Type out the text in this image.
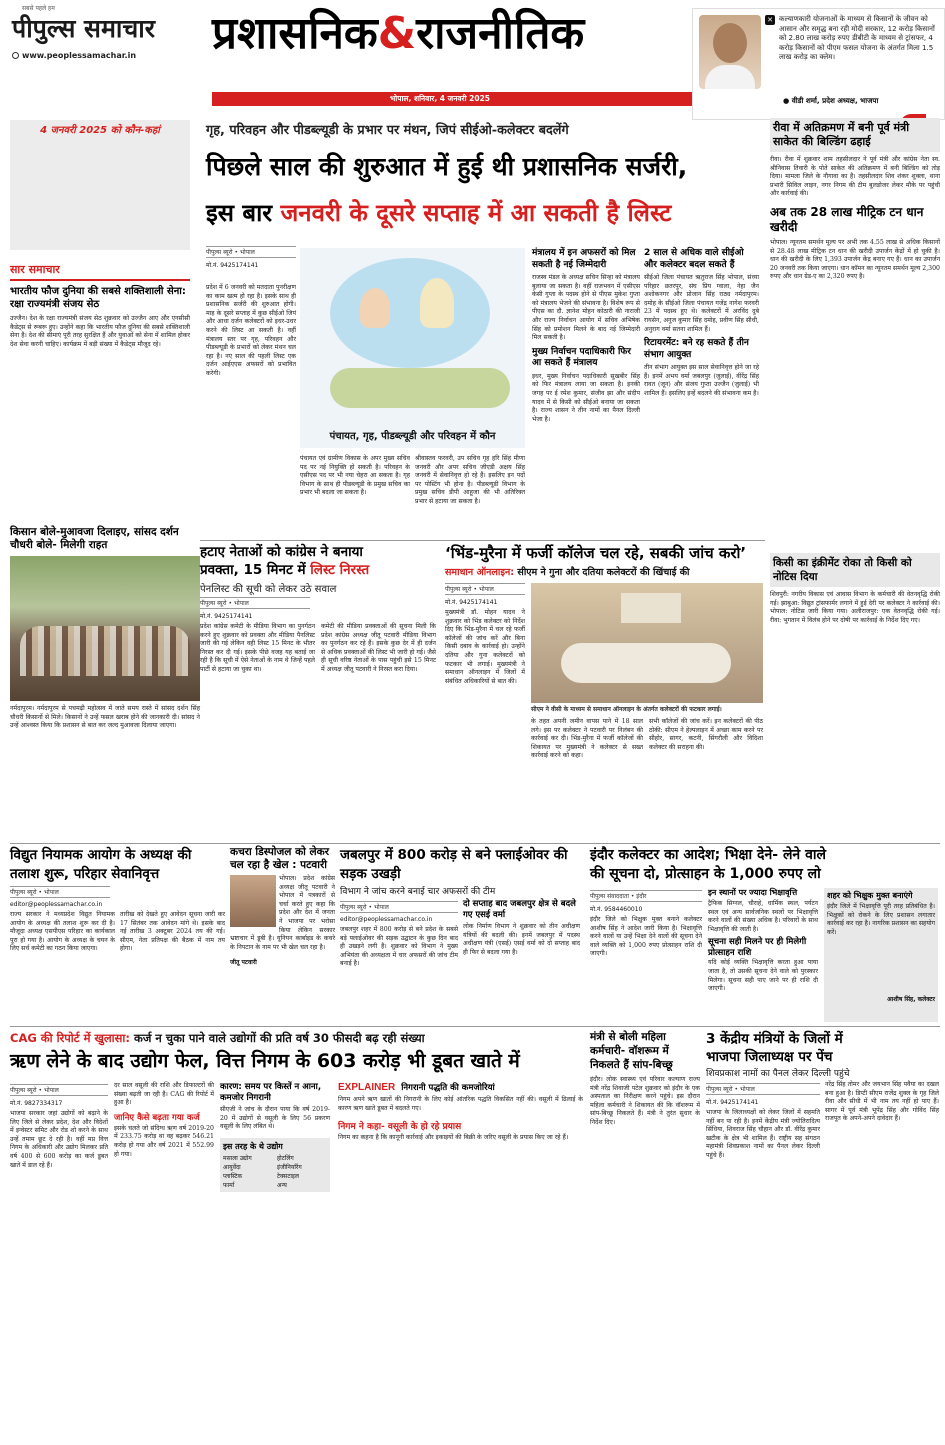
सबसे पहले हम
पीपुल्स समाचार
www.peoplessamachar.in प्रशासनिक&राजनीतिक	✕ कल्याणकारी योजनाओं के माध्यम से किसानों के जीवन को आसान और समृद्ध बना रही मोदी सरकार, 12 करोड़ किसानों को 2.80 लाख करोड़ रुपए डीबीटी के माध्यम से ट्रांसफर, 4 करोड़ किसानों को पीएम फसल योजना के अंतर्गत मिला 1.5 लाख करोड़ का क्लेम।
● वीडी शर्मा, प्रदेश अध्यक्ष, भाजपा
भोपाल, शनिवार, 4 जनवरी 2025
4 जनवरी 2025 को कौन-कहां
सार समाचार
भारतीय फौज दुनिया की सबसे शक्तिशाली सेना: रक्षा राज्यमंत्री संजय सेठ
उज्जैन। देश के रक्षा राज्यमंत्री संजय सेठ शुक्रवार को उज्जैन आए और एनसीसी कैडेट्स से रूबरू हुए। उन्होंने कहा कि भारतीय फौज दुनिया की सबसे शक्तिशाली सेना है। देश की सीमाएं पूरी तरह सुरक्षित हैं और युवाओं को सेना में शामिल होकर देश सेवा करनी चाहिए। कार्यक्रम में बड़ी संख्या में कैडेट्स मौजूद रहे।
किसान बोले-मुआवजा दिलाइए, सांसद दर्शन चौधरी बोले- मिलेगी राहत
नर्मदापुरम। नर्मदापुरम से पचमढ़ी महोत्सव में जाते समय रास्ते में सांसद दर्शन सिंह चौधरी किसानों से मिले। किसानों ने उन्हें फसल खराब होने की जानकारी दी। सांसद ने उन्हें आश्वस्त किया कि प्रशासन से बात कर जल्द मुआवजा दिलाया जाएगा।
गृह, परिवहन और पीडब्ल्यूडी के प्रभार पर मंथन, जिपं सीईओ-कलेक्टर बदलेंगे
पिछले साल की शुरुआत में हुई थी प्रशासनिक सर्जरी,
इस बार जनवरी के दूसरे सप्ताह में आ सकती है लिस्ट
पीपुल्स ब्यूरो • भोपाल
मो.नं. 9425174141
पंचायत, गृह, पीडब्ल्यूडी और परिवहन में कौन
प्रदेश में 6 जनवरी को मतदाता पुनरीक्षण का काम खत्म हो रहा है। इसके साथ ही प्रशासनिक सर्जरी की शुरुआत होगी। माह के दूसरे सप्ताह में कुछ सीईओ जिपं और आधा दर्जन कलेक्टरों को इधर-उधर करने की लिस्ट आ सकती है। वहीं मंत्रालय स्तर पर गृह, परिवहन और पीडब्ल्यूडी के प्रभारों को लेकर मंथन चल रहा है। नए साल की पहली लिस्ट एक दर्जन आईएएस अफसरों को प्रभावित करेगी।
पंचायत एवं ग्रामीण विकास के अपर मुख्य सचिव पद पर नई नियुक्ति हो सकती है। परिवहन के एसीएस पद पर भी नया चेहरा आ सकता है। गृह विभाग के साथ ही पीडब्ल्यूडी के प्रमुख सचिव का प्रभार भी बदला जा सकता है।
श्रीवास्तव फरवरी, उप सचिव गृह हरि सिंह मीणा जनवरी और अपर सचिव जीएडी अक्षय सिंह जनवरी में सेवानिवृत्त हो रहे हैं। इसलिए इन पदों पर पोस्टिंग भी होना है। पीडब्ल्यूडी विभाग के प्रमुख सचिव डीपी आहूजा की भी अतिरिक्त प्रभार से हटाया जा सकता है।
मंत्रालय में इन अफसरों को मिल सकती है नई जिम्मेदारी
राजस्व मंडल के अध्यक्ष सचिन सिन्हा को मंत्रालय बुलाया जा सकता है। वहीं राजभवन में एसीएस केसी गुप्ता के पदस्थ होने से पीएस मुकेश गुप्ता को मंत्रालय भेजने की संभावना है। विशेष रूप से पीएस का दौ. ज्ञानेश मोहन कोठारी की नाराजी और राज्य निर्वाचन आयोग में सचिव अभिषेक सिंह को प्रमोशन मिलने के बाद नई जिम्मेदारी मिल सकती है।
मुख्य निर्वाचन पदाधिकारी फिर आ सकते हैं मंत्रालय
इधर, मुख्य निर्वाचन पदाधिकारी सुखबीर सिंह को फिर मंत्रालय लाया जा सकता है। इनकी जगह पर ई रमेश कुमार, संजीव झा और संदीप यादव में से किसी को सीईओ बनाया जा सकता है। राज्य शासन ने तीन नामों का पैनल दिल्ली भेजा है।
2 साल से अधिक वाले सीईओ और कलेक्टर बदल सकते हैं
सीईओ जिला पंचायत ऋतुराज सिंह भोपाल, संध्या परिहार छतरपुर, संघ प्रिय ग्वाला, नेहा जैन अशोकनगर और प्रोजान सिंह राठ्य नर्मदापुरम। दमोह के सीईओ जिला पंचायत गजेंद्र नागेश फरवरी 23 में पदस्थ हुए थे। कलेक्टरों में अरविंद दुबे रायसेन, अनुज कुमार सिंह दमोह, प्रवीण सिंह सीधी, अनुराग वर्मा सतना शामिल हैं।
रिटायरमेंट: बने रह सकते हैं तीन संभाग आयुक्त
तीन संभाग आयुक्त इस साल सेवानिवृत्त होने जा रहे हैं। इनमें अभय वर्मा जबलपुर (जुलाई), वीरेंद्र सिंह रावत (जून) और संजय गुप्ता उज्जैन (जुलाई) भी शामिल हैं। इसलिए इन्हें बदलने की संभावना कम है।
रीवा में अतिक्रमण में बनी पूर्व मंत्री साकेत की बिल्डिंग ढहाई
रीवा। रीवा में शुक्रवार शाम तहसीलदार ने पूर्व मंत्री और कांग्रेस नेता स्व. श्रीनिवास तिवारी के पोते साकेत की अतिक्रमण में बनी बिल्डिंग को तोड़ दिया। मामला जिले के नौगावा का है। तहसीलदार शिव शंकर शुक्ला, थाना प्रभारी सिविल लाइन, नगर निगम की टीम बुलडोजर लेकर मौके पर पहुंची और कार्रवाई की।
अब तक 28 लाख मीट्रिक टन धान खरीदी
भोपाल। न्यूनतम समर्थन मूल्य पर अभी तक 4.55 लाख से अधिक किसानों से 28.48 लाख मीट्रिक टन धान की खरीदी उपार्जन केंद्रों में हो चुकी है। धान की खरीदी के लिए 1,393 उपार्जन केंद्र बनाए गए हैं। धान का उपार्जन 20 जनवरी तक किया जाएगा। धान कॉमन का न्यूनतम समर्थन मूल्य 2,300 रुपए और धान ग्रेड-ए का 2,320 रुपए है।
हटाए नेताओं को कांग्रेस ने बनाया
प्रवक्ता, 15 मिनट में लिस्ट निरस्त
पेनलिस्ट की सूची को लेकर उठे सवाल
पीपुल्स ब्यूरो • भोपाल
मो.नं. 9425174141
प्रदेश कांग्रेस कमेटी के मीडिया विभाग का पुनर्गठन करने हुए शुक्रवार को प्रवक्ता और मीडिया पैनलिस्ट जारी की गई लेकिन वही लिस्ट 15 मिनट के भीतर निरस्त कर दी गई। इसके पीछे वजह यह बताई जा रही है कि सूची में ऐसे नेताओं के नाम थे जिन्हें पहले पार्टी से हटाया जा चुका था।
कमेटी की मीडिया प्रवक्ताओं की सूचना मिली कि प्रदेश कांग्रेस अध्यक्ष जीतू पटवारी मीडिया विभाग का पुनर्गठन कर रहे हैं। इसके कुछ देर में ही दर्जन से अधिक प्रवक्ताओं की लिस्ट भी जारी हो गई। जैसे ही सूची वरिष्ठ नेताओं के पास पहुंची इसे 15 मिनट में अध्यक्ष जीतू पटवारी ने निरस्त करा दिया।
‘भिंड-मुरैना में फर्जी कॉलेज चल रहे, सबकी जांच करो’
समाधान ऑनलाइन: सीएम ने गुना और दतिया कलेक्टरों की खिंचाई की
पीपुल्स ब्यूरो • भोपाल
मो.नं. 9425174141
मुख्यमंत्री डॉ. मोहन यादव ने शुक्रवार को भिंड कलेक्टर को निर्देश दिए कि भिंड-मुरैना में चल रहे फर्जी कॉलेजों की जांच करें और बिना किसी दबाव के कार्रवाई हो। उन्होंने दतिया और गुना कलेक्टरों को फटकार भी लगाई। मुख्यमंत्री ने समाधान ऑनलाइन में जिलों में संबंधित अधिकारियों से बात की।
सीएम ने वीसी के माध्यम से समाधान ऑनलाइन के अंतर्गत कलेक्टरों की फटकार लगाई।
के तहत अपनी जमीन वापस पाने में 18 साल लगे। इस पर कलेक्टर ने पटवारी पर निलंबन की कार्रवाई कर दी। भिंड-मुरैना में फर्जी कॉलेजों की शिकायत पर मुख्यमंत्री ने कलेक्टर से सख्त कार्रवाई करने को कहा।
सभी कॉलेजों की जांच करें। इन कलेक्टरों की पीठ ठोकी: सीएम ने हेल्पलाइन में अच्छा काम करने पर सीहोर, सागर, कटनी, सिंगरौली और विदिशा कलेक्टर की सराहना की।
किसी का इंक्रीमेंट रोका तो किसी को नोटिस दिया
शिवपुरी: नगरीय विकास एवं आवास विभाग के कर्मचारी की वेतनवृद्धि रोकी गई। झाबुआ: विद्युत ट्रांसफार्मर लगाने में हुई देरी पर कलेक्टर ने कार्रवाई की। भोपाल: नोटिस जारी किया गया। अलीराजपुर: एक वेतनवृद्धि रोकी गई। रीवा: भुगतान में विलंब होने पर दोषी पर कार्रवाई के निर्देश दिए गए।
विद्युत नियामक आयोग के अध्यक्ष की तलाश शुरू, परिहार सेवानिवृत्त
पीपुल्स ब्यूरो • भोपाल
editor@peoplessamachar.co.in
राज्य सरकार ने मध्यप्रदेश विद्युत नियामक आयोग के अध्यक्ष की तलाश शुरू कर दी है। मौजूदा अध्यक्ष एसपीएस परिहार का कार्यकाल पूरा हो गया है। आयोग के अध्यक्ष के चयन के लिए सर्च कमेटी का गठन किया जाएगा।
तारीख को देखते हुए आवेदन सूचना जारी कर 17 सितंबर तक आवेदन मांगे थे। इसके बाद नई तारीख 3 अक्टूबर 2024 तय की गई। सीएम, नेता प्रतिपक्ष की बैठक में नाम तय होगा।
कचरा डिस्पोजल को लेकर चल रहा है खेल : पटवारी
भोपाल। प्रदेश कांग्रेस अध्यक्ष जीतू पटवारी ने भोपाल में पत्रकारों से चर्चा करते हुए कहा कि प्रदेश और देश में जनता ने भाजपा पर भरोसा किया लेकिन सरकार भ्रष्टाचार में डूबी है। यूनियन कार्बाइड के कचरे के निपटान के नाम पर भी खेल चल रहा है।
जीतू पटवारी
जबलपुर में 800 करोड़ से बने फ्लाईओवर की सड़क उखड़ी
विभाग ने जांच करने बनाई चार अफसरों की टीम
पीपुल्स ब्यूरो • भोपाल
editor@peoplessamachar.co.in
जबलपुर शहर में 800 करोड़ से बने प्रदेश के सबसे बड़े फ्लाईओवर की सड़क उद्घाटन के कुछ दिन बाद ही उखड़ने लगी है। शुक्रवार को विभाग ने मुख्य अभियंता की अध्यक्षता में चार अफसरों की जांच टीम बनाई है।
दो सप्ताह बाद जबलपुर क्षेत्र से बदले गए एसई वर्मा
लोक निर्माण विभाग ने शुक्रवार को तीन अधीक्षण यंत्रियों की बदली की। इनमें जबलपुर में पदस्थ अधीक्षण यंत्री (एसई) एसई वर्मा को दो सप्ताह बाद ही फिर से बदला गया है।
इंदौर कलेक्टर का आदेश; भिक्षा देने- लेने वाले
की सूचना दो, प्रोत्साहन के 1,000 रुपए लो
पीपुल्स संवाददाता • इंदौर
मो.नं. 9584460010
इंदौर जिले को भिक्षुक मुक्त बनाने कलेक्टर आशीष सिंह ने आदेश जारी किया है। भिक्षावृत्ति करने वालों या उन्हें भिक्षा देने वालों की सूचना देने वाले व्यक्ति को 1,000 रुपए प्रोत्साहन राशि दी जाएगी।
इन स्थानों पर ज्यादा भिक्षावृत्ति
ट्रैफिक सिग्नल, चौराहे, धार्मिक स्थल, पर्यटन स्थल एवं अन्य सार्वजनिक स्थलों पर भिक्षावृत्ति करने वालों की संख्या अधिक है। परिवारों के साथ भिक्षावृत्ति की जाती है।
सूचना सही मिलने पर ही मिलेगी प्रोत्साहन राशि
यदि कोई व्यक्ति भिक्षावृत्ति करता हुआ पाया जाता है, तो उसकी सूचना देने वाले को पुरस्कार मिलेगा। सूचना सही पाए जाने पर ही राशि दी जाएगी।
शहर को भिक्षुक मुक्त बनाएंगे
इंदौर जिले में भिक्षावृत्ति पूरी तरह प्रतिबंधित है। भिक्षुकों को रोकने के लिए प्रशासन लगातार कार्रवाई कर रहा है। नागरिक प्रशासन का सहयोग करें।
आशीष सिंह, कलेक्टर
CAG की रिपोर्ट में खुलासा: कर्ज न चुका पाने वाले उद्योगों की प्रति वर्ष 30 फीसदी बढ़ रही संख्या
ऋण लेने के बाद उद्योग फेल, वित्त निगम के 603 करोड़ भी डूबत खाते में
पीपुल्स ब्यूरो • भोपाल
मो.नं. 9827334317
भाजपा सरकार जहां उद्योगों को बढ़ाने के लिए जिले से लेकर प्रदेश, देश और विदेशों में इन्वेस्टर समिट और रोड शो करने के साथ उन्हें तमाम छूट दे रही है। वहीं मप्र वित्त निगम के अधिकारी और उद्योग मिलकर प्रति वर्ष 400 से 600 करोड़ का कर्ज डूबत खाते में डाल रहे हैं।
दर साल वसूली की राशि और डिफाल्टरों की संख्या बढ़ती जा रही है। CAG की रिपोर्ट में हुआ है।
जानिए कैसे बढ़ता गया कर्ज
इसके चलते जो संदिग्ध ऋण वर्ष 2019-20 में 233.75 करोड़ था वह बढ़कर 546.21 करोड़ हो गया और वर्ष 2021 में 552.99 हो गया।
कारण: समय पर किस्तें न आना, कमजोर निगरानी
सीएजी ने जांच के दौरान पाया कि वर्ष 2019-20 में उद्योगों से वसूली के लिए 56 प्रकरण वसूली के लिए लंबित थे।
इस तरह के थे उद्योग
मसाला उद्योग	होटलिंग
आयुर्वेदा	इंजीनियरिंग
प्लास्टिक	टेक्सटाइल
फार्मा	अन्य
EXPLAINER निगरानी पद्धति की कमजोरियां
निगम अपने ऋण खातों की निगरानी के लिए कोई आंतरिक पद्धति विकसित नहीं की। वसूली में ढिलाई के कारण ऋण खाते डूबत में बदलते गए।
निगम ने कहा- वसूली के हो रहे प्रयास
निगम का कहना है कि कानूनी कार्रवाई और इकाइयों की बिक्री के जरिए वसूली के प्रयास किए जा रहे हैं।
मंत्री से बोली महिला कर्मचारी- वॉशरूम में निकलते हैं सांप-बिच्छू
इंदौर। लोक स्वास्थ्य एवं परिवार कल्याण राज्य मंत्री नरेंद्र शिवाजी पटेल शुक्रवार को इंदौर के एक अस्पताल का निरीक्षण करने पहुंचे। इस दौरान महिला कर्मचारी ने शिकायत की कि वॉशरूम में सांप-बिच्छू निकलते हैं। मंत्री ने तुरंत सुधार के निर्देश दिए।
3 केंद्रीय मंत्रियों के जिलों में
भाजपा जिलाध्यक्ष पर पेंच
शिवप्रकाश नामों का पैनल लेकर दिल्ली पहुंचे
पीपुल्स ब्यूरो • भोपाल
मो.नं. 9425174141
भाजपा के जिलाध्यक्षों को लेकर जिलों में सहमति नहीं बन पा रही है। इनमें केंद्रीय मंत्री ज्योतिरादित्य सिंधिया, शिवराज सिंह चौहान और डॉ. वीरेंद्र कुमार खटीक के क्षेत्र भी शामिल हैं। राष्ट्रीय सह संगठन महामंत्री शिवप्रकाश नामों का पैनल लेकर दिल्ली पहुंचे हैं।
नरेंद्र सिंह तोमर और जयभान सिंह पवैया का दखल बना हुआ है। डिप्टी सीएम राजेंद्र शुक्ल के गृह जिले रीवा और सीधी में भी नाम तय नहीं हो पाए हैं। सागर में पूर्व मंत्री भूपेंद्र सिंह और गोविंद सिंह राजपूत के अपने-अपने दावेदार हैं।
